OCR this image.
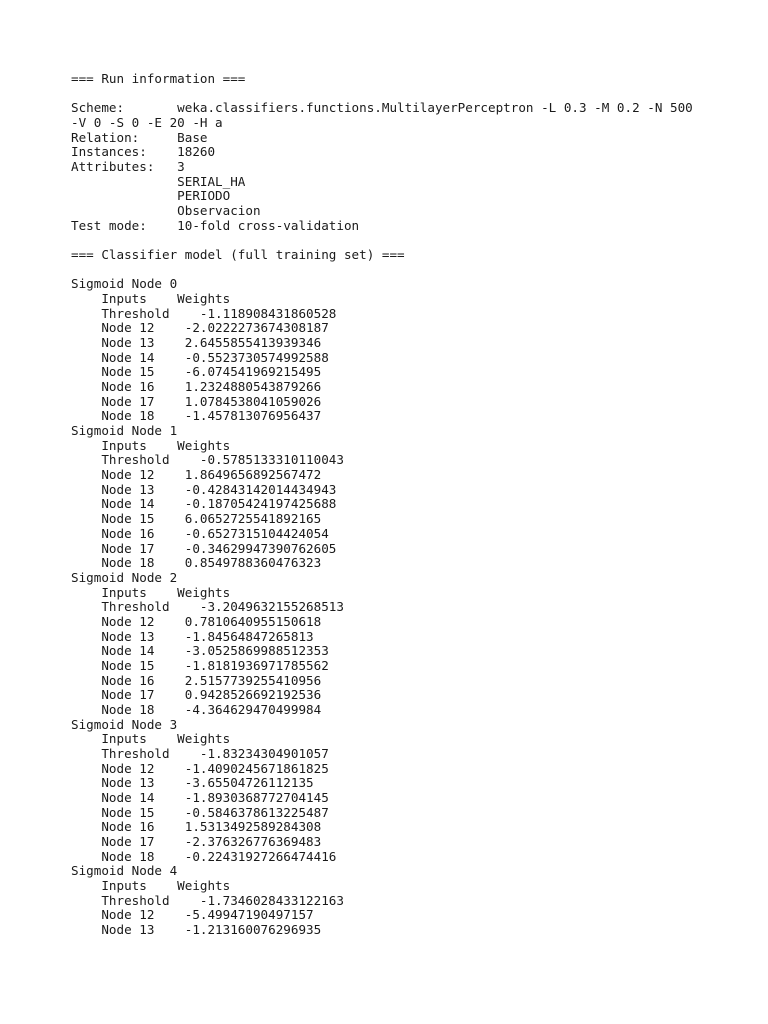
=== Run information ===
Scheme:       weka.classifiers.functions.MultilayerPerceptron -L 0.3 -M 0.2 -N 500
-V 0 -S 0 -E 20 -H a
Relation:     Base
Instances:    18260
Attributes:   3
SERIAL_HA
PERIODO
Observacion
Test mode:    10-fold cross-validation
=== Classifier model (full training set) ===
Sigmoid Node 0
Inputs    Weights
Threshold    -1.118908431860528
Node 12    -2.0222273674308187
Node 13    2.6455855413939346
Node 14    -0.5523730574992588
Node 15    -6.074541969215495
Node 16    1.2324880543879266
Node 17    1.0784538041059026
Node 18    -1.457813076956437
Sigmoid Node 1
Inputs    Weights
Threshold    -0.5785133310110043
Node 12    1.8649656892567472
Node 13    -0.42843142014434943
Node 14    -0.18705424197425688
Node 15    6.0652725541892165
Node 16    -0.6527315104424054
Node 17    -0.34629947390762605
Node 18    0.8549788360476323
Sigmoid Node 2
Inputs    Weights
Threshold    -3.2049632155268513
Node 12    0.7810640955150618
Node 13    -1.84564847265813
Node 14    -3.0525869988512353
Node 15    -1.8181936971785562
Node 16    2.5157739255410956
Node 17    0.9428526692192536
Node 18    -4.364629470499984
Sigmoid Node 3
Inputs    Weights
Threshold    -1.83234304901057
Node 12    -1.4090245671861825
Node 13    -3.65504726112135
Node 14    -1.8930368772704145
Node 15    -0.5846378613225487
Node 16    1.5313492589284308
Node 17    -2.376326776369483
Node 18    -0.22431927266474416
Sigmoid Node 4
Inputs    Weights
Threshold    -1.7346028433122163
Node 12    -5.49947190497157
Node 13    -1.213160076296935
